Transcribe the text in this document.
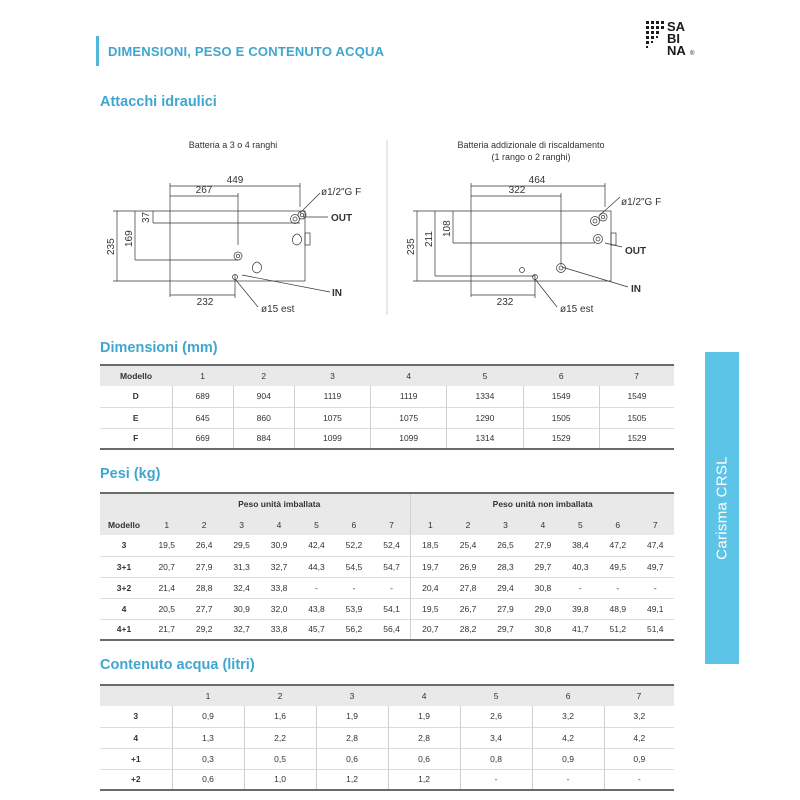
DIMENSIONI, PESO E CONTENUTO ACQUA
SA
BI
NA ®
Attacchi idraulici
Dimensioni (mm)
Pesi (kg)
Contenuto acqua (litri)
Carisma CRSL
Batteria a 3 o 4 ranghi
449
267
37
169
235
232
ø1/2"G F
OUT
IN
ø15 est
Batteria addizionale di riscaldamento
(1 rango o 2 ranghi)
464
322
108
211
235
232
ø1/2"G F
OUT
IN
ø15 est
Modello	1	2	3	4	5	6	7
D	689	904	1119	1119	1334	1549	1549
E	645	860	1075	1075	1290	1505	1505
F	669	884	1099	1099	1314	1529	1529
	Peso unità imballata							Peso unità non imballata						
Modello	1	2	3	4	5	6	7	1	2	3	4	5	6	7
3	19,5	26,4	29,5	30,9	42,4	52,2	52,4	18,5	25,4	26,5	27,9	38,4	47,2	47,4
3+1	20,7	27,9	31,3	32,7	44,3	54,5	54,7	19,7	26,9	28,3	29,7	40,3	49,5	49,7
3+2	21,4	28,8	32,4	33,8	-	-	-	20,4	27,8	29,4	30,8	-	-	-
4	20,5	27,7	30,9	32,0	43,8	53,9	54,1	19,5	26,7	27,9	29,0	39,8	48,9	49,1
4+1	21,7	29,2	32,7	33,8	45,7	56,2	56,4	20,7	28,2	29,7	30,8	41,7	51,2	51,4
	1	2	3	4	5	6	7
3	0,9	1,6	1,9	1,9	2,6	3,2	3,2
4	1,3	2,2	2,8	2,8	3,4	4,2	4,2
+1	0,3	0,5	0,6	0,6	0,8	0,9	0,9
+2	0,6	1,0	1,2	1,2	-	-	-
